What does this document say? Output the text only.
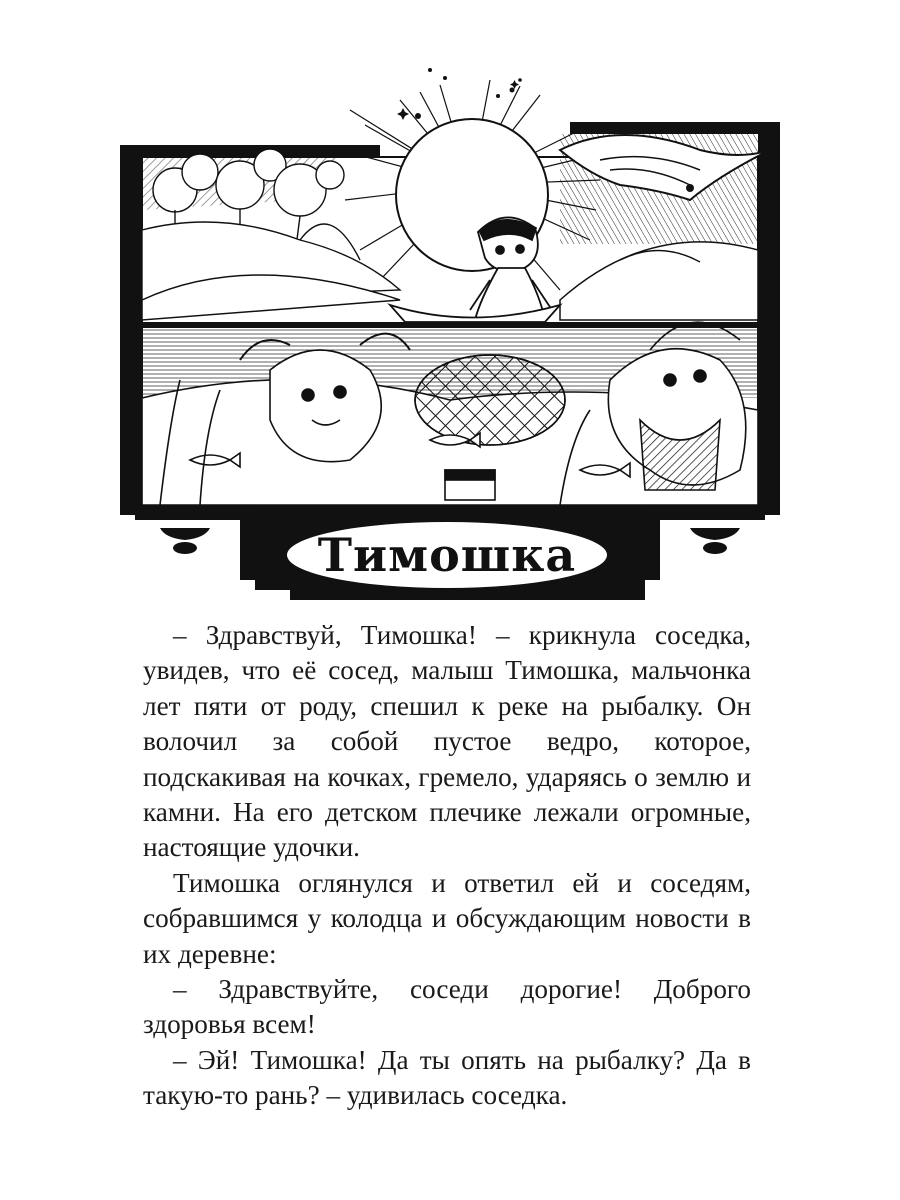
Тимошка

– Здравствуй, Тимошка! – крикнула соседка, увидев, что её сосед, малыш Тимошка, мальчонка лет пяти от роду, спешил к реке на рыбалку. Он волочил за собой пустое ведро, которое, подскакивая на кочках, гремело, ударяясь о землю и камни. На его детском плечике лежали огромные, настоящие удочки.

Тимошка оглянулся и ответил ей и соседям, собравшимся у колодца и обсуждающим новости в их деревне:

– Здравствуйте, соседи дорогие! Доброго здоровья всем!

– Эй! Тимошка! Да ты опять на рыбалку? Да в такую-то рань? – удивилась соседка.
